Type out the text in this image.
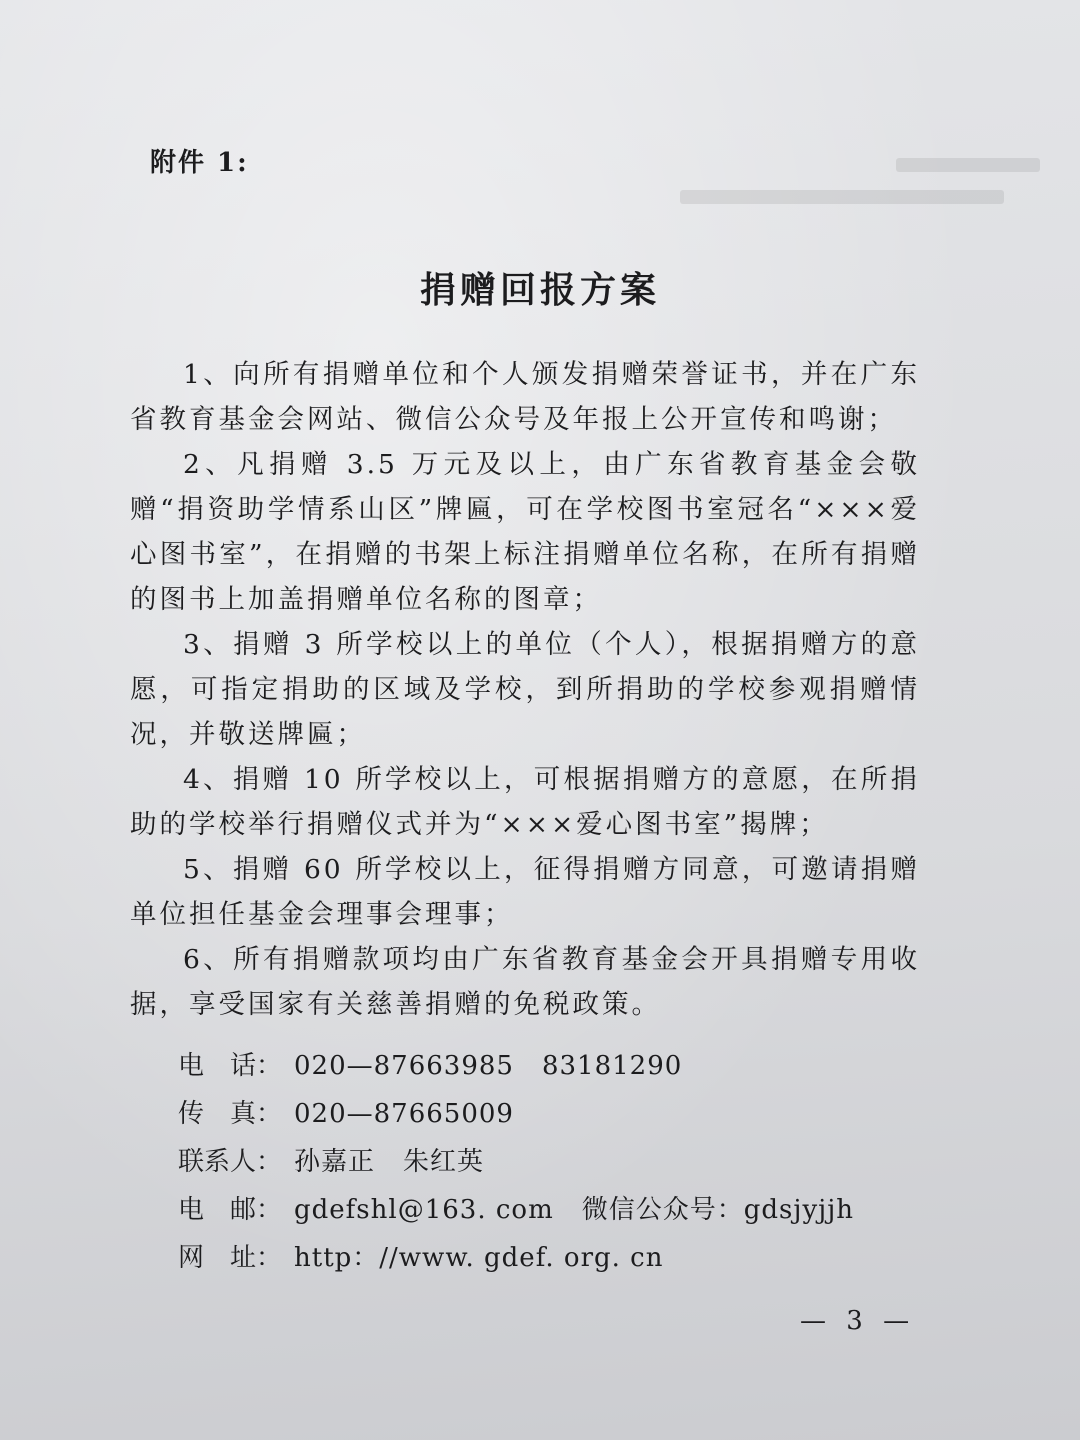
附件 1:
捐赠回报方案

1、向所有捐赠单位和个人颁发捐赠荣誉证书，并在广东省教育基金会网站、微信公众号及年报上公开宣传和鸣谢；

2、凡捐赠 3.5 万元及以上，由广东省教育基金会敬赠“捐资助学情系山区”牌匾，可在学校图书室冠名“×××爱心图书室”，在捐赠的书架上标注捐赠单位名称，在所有捐赠的图书上加盖捐赠单位名称的图章；

3、捐赠 3 所学校以上的单位（个人），根据捐赠方的意愿，可指定捐助的区域及学校，到所捐助的学校参观捐赠情况，并敬送牌匾；

4、捐赠 10 所学校以上，可根据捐赠方的意愿，在所捐助的学校举行捐赠仪式并为“×××爱心图书室”揭牌；

5、捐赠 60 所学校以上，征得捐赠方同意，可邀请捐赠单位担任基金会理事会理事；

6、所有捐赠款项均由广东省教育基金会开具捐赠专用收据，享受国家有关慈善捐赠的免税政策。

电　话： 020—87663985 83181290
传　真： 020—87665009
联系人： 孙嘉正 朱红英
电　邮： gdefshl@163. com 微信公众号：gdsjyjjh
网　址： http：//www. gdef. org. cn
— 3 —
